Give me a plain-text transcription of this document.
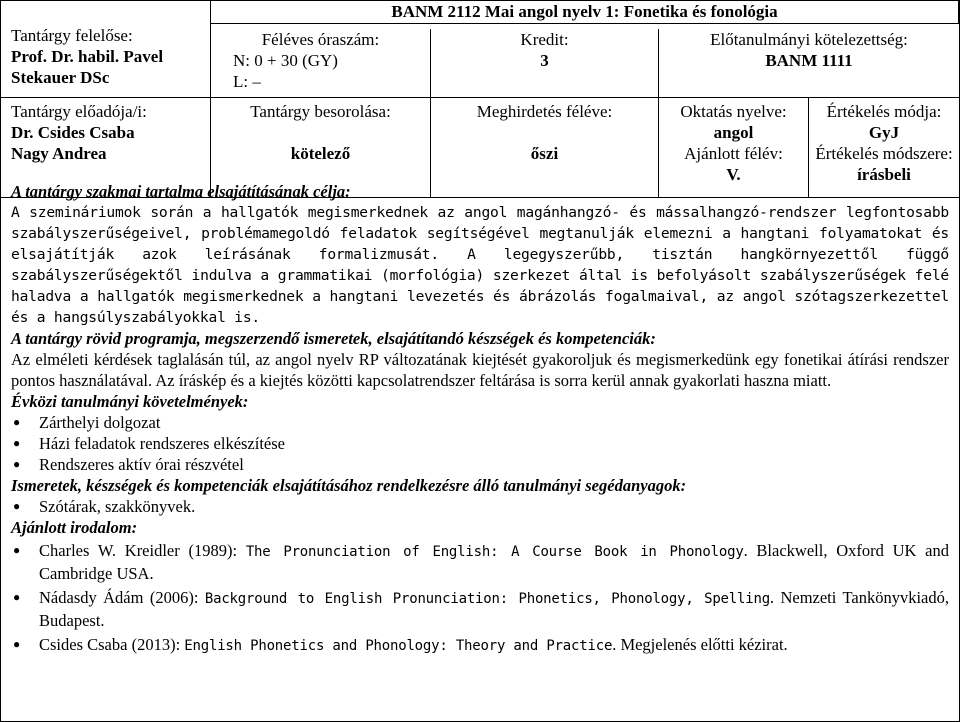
Tantárgy felelőse:
Prof. Dr. habil. Pavel
Stekauer DSc
BANM 2112 Mai angol nyelv 1: Fonetika és fonológia
Féléves óraszám:
N: 0 + 30 (GY)
L: –
Kredit:
3
Előtanulmányi kötelezettség:
BANM 1111
Tantárgy előadója/i:
Dr. Csides Csaba
Nagy Andrea
Tantárgy besorolása:
kötelező
Meghirdetés féléve:
őszi
Oktatás nyelve:
angol
Ajánlott félév:
V.
Értékelés módja:
GyJ
Értékelés módszere:
írásbeli
A tantárgy szakmai tartalma elsajátításának célja:
A szemináriumok során a hallgatók megismerkednek az angol magánhangzó- és mássalhangzó-rendszer legfontosabb szabályszerűségeivel, problémamegoldó feladatok segítségével megtanulják elemezni a hangtani folyamatokat és elsajátítják azok leírásának formalizmusát. A legegyszerűbb, tisztán hangkörnyezettől függő szabályszerűségektől indulva a grammatikai (morfológia) szerkezet által is befolyásolt szabályszerűségek felé haladva a hallgatók megismerkednek a hangtani levezetés és ábrázolás fogalmaival, az angol szótagszerkezettel és a hangsúlyszabályokkal is.
A tantárgy rövid programja, megszerzendő ismeretek, elsajátítandó készségek és kompetenciák:
Az elméleti kérdések taglalásán túl, az angol nyelv RP változatának kiejtését gyakoroljuk és megismerkedünk egy fonetikai átírási rendszer pontos használatával. Az íráskép és a kiejtés közötti kapcsolatrendszer feltárása is sorra kerül annak gyakorlati haszna miatt.
Évközi tanulmányi követelmények:
● Zárthelyi dolgozat
● Házi feladatok rendszeres elkészítése
● Rendszeres aktív órai részvétel
Ismeretek, készségek és kompetenciák elsajátításához rendelkezésre álló tanulmányi segédanyagok:
● Szótárak, szakkönyvek.
Ajánlott irodalom:
● Charles W. Kreidler (1989): The Pronunciation of English: A Course Book in Phonology. Blackwell, Oxford UK and Cambridge USA.
● Nádasdy Ádám (2006): Background to English Pronunciation: Phonetics, Phonology, Spelling. Nemzeti Tankönyvkiadó, Budapest.
● Csides Csaba (2013): English Phonetics and Phonology: Theory and Practice. Megjelenés előtti kézirat.
